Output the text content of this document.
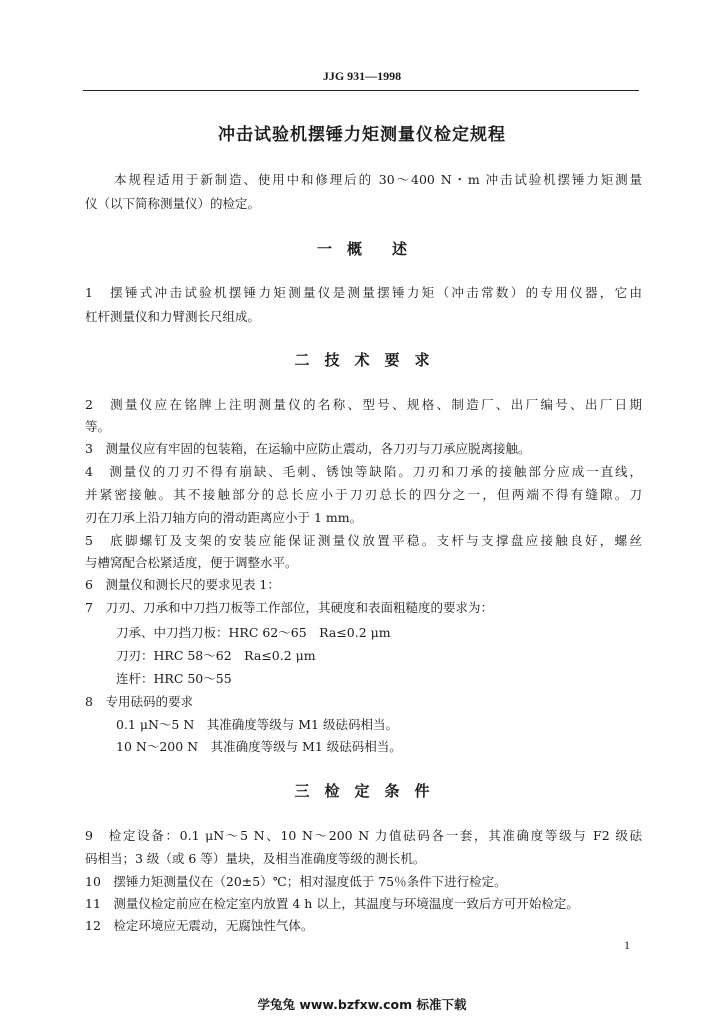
JJG 931—1998
冲击试验机摆锤力矩测量仪检定规程
本规程适用于新制造、使用中和修理后的 30～400 N・m 冲击试验机摆锤力矩测量
仪（以下简称测量仪）的检定。
一　概　　述
1　摆锤式冲击试验机摆锤力矩测量仪是测量摆锤力矩（冲击常数）的专用仪器，它由
杠杆测量仪和力臂测长尺组成。
二　技　术　要　求
2　测量仪应在铭牌上注明测量仪的名称、型号、规格、制造厂、出厂编号、出厂日期
等。
3　测量仪应有牢固的包装箱，在运输中应防止震动，各刀刃与刀承应脱离接触。
4　测量仪的刀刃不得有崩缺、毛刺、锈蚀等缺陷。刀刃和刀承的接触部分应成一直线，
并紧密接触。其不接触部分的总长应小于刀刃总长的四分之一，但两端不得有缝隙。刀
刃在刀承上沿刀轴方向的滑动距离应小于 1 mm。
5　底脚螺钉及支架的安装应能保证测量仪放置平稳。支杆与支撑盘应接触良好，螺丝
与槽窝配合松紧适度，便于调整水平。
6　测量仪和测长尺的要求见表 1：
7　刀刃、刀承和中刀挡刀板等工作部位，其硬度和表面粗糙度的要求为：
刀承、中刀挡刀板：HRC 62～65　Ra≤0.2 μm
刀刃：HRC 58～62　Ra≤0.2 μm
连杆：HRC 50～55
8　专用砝码的要求
0.1 μN～5 N　其准确度等级与 M1 级砝码相当。
10 N～200 N　其准确度等级与 M1 级砝码相当。
三　检　定　条　件
9　检定设备：0.1 μN～5 N、10 N～200 N 力值砝码各一套，其准确度等级与 F2 级砝
码相当；3 级（或 6 等）量块，及相当准确度等级的测长机。
10　摆锤力矩测量仪在（20±5）℃；相对湿度低于 75％条件下进行检定。
11　测量仪检定前应在检定室内放置 4 h 以上，其温度与环境温度一致后方可开始检定。
12　检定环境应无震动，无腐蚀性气体。
1
学兔兔 www.bzfxw.com 标准下载
